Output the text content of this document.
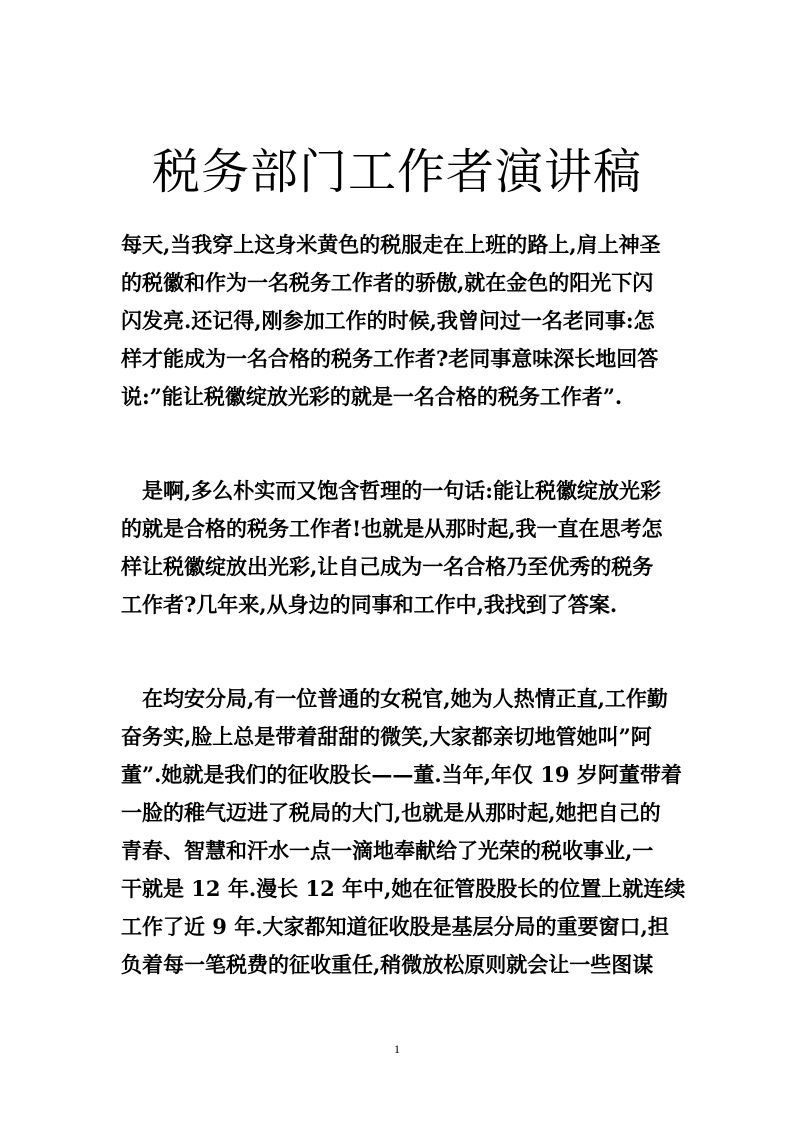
税务部门工作者演讲稿

每天,当我穿上这身米黄色的税服走在上班的路上,肩上神圣
的税徽和作为一名税务工作者的骄傲,就在金色的阳光下闪
闪发亮.还记得,刚参加工作的时候,我曾问过一名老同事:怎
样才能成为一名合格的税务工作者?老同事意味深长地回答
说:”能让税徽绽放光彩的就是一名合格的税务工作者”.

是啊,多么朴实而又饱含哲理的一句话:能让税徽绽放光彩
的就是合格的税务工作者!也就是从那时起,我一直在思考怎
样让税徽绽放出光彩,让自己成为一名合格乃至优秀的税务
工作者?几年来,从身边的同事和工作中,我找到了答案.

在均安分局,有一位普通的女税官,她为人热情正直,工作勤
奋务实,脸上总是带着甜甜的微笑,大家都亲切地管她叫”阿
董”.她就是我们的征收股长——董.当年,年仅 19 岁阿董带着
一脸的稚气迈进了税局的大门,也就是从那时起,她把自己的
青春、智慧和汗水一点一滴地奉献给了光荣的税收事业,一
干就是 12 年.漫长 12 年中,她在征管股股长的位置上就连续
工作了近 9 年.大家都知道征收股是基层分局的重要窗口,担
负着每一笔税费的征收重任,稍微放松原则就会让一些图谋

1
